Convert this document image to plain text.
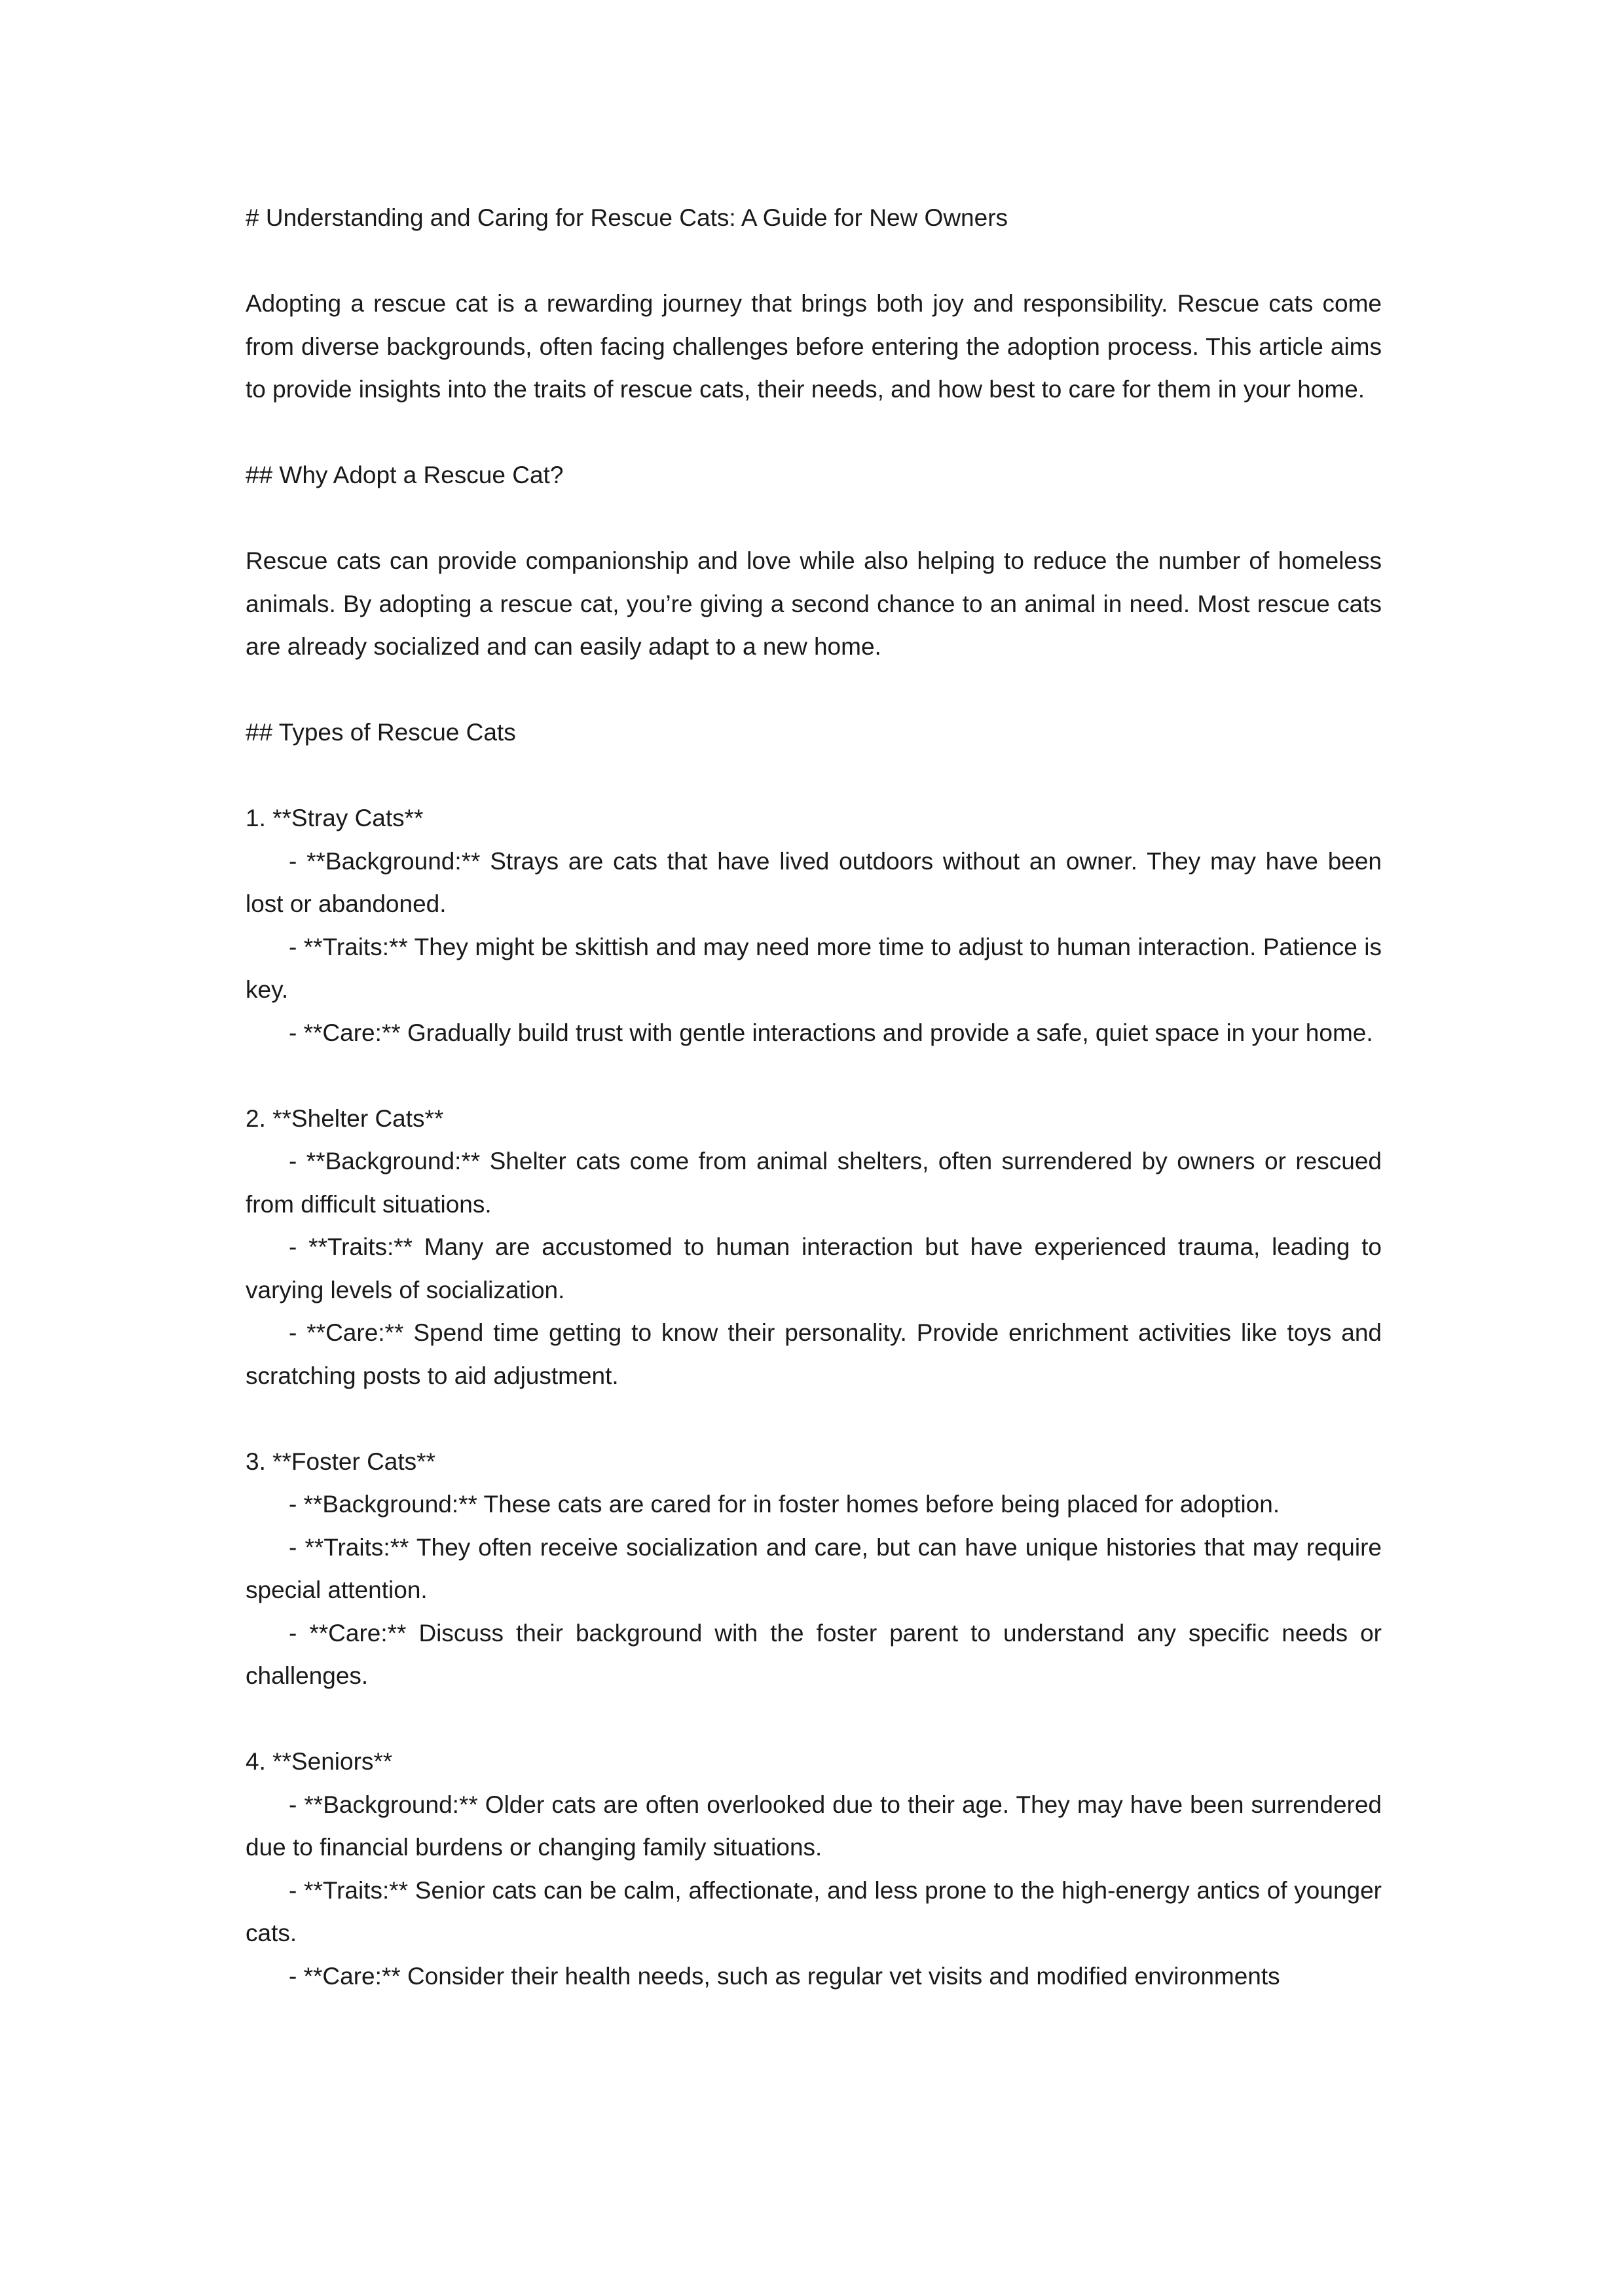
# Understanding and Caring for Rescue Cats: A Guide for New Owners

Adopting a rescue cat is a rewarding journey that brings both joy and responsibility. Rescue cats come from diverse backgrounds, often facing challenges before entering the adoption process. This article aims to provide insights into the traits of rescue cats, their needs, and how best to care for them in your home.

## Why Adopt a Rescue Cat?

Rescue cats can provide companionship and love while also helping to reduce the number of homeless animals. By adopting a rescue cat, you’re giving a second chance to an animal in need. Most rescue cats are already socialized and can easily adapt to a new home.

## Types of Rescue Cats

1. **Stray Cats**

- **Background:** Strays are cats that have lived outdoors without an owner. They may have been lost or abandoned.

- **Traits:** They might be skittish and may need more time to adjust to human interaction. Patience is key.

- **Care:** Gradually build trust with gentle interactions and provide a safe, quiet space in your home.

2. **Shelter Cats**

- **Background:** Shelter cats come from animal shelters, often surrendered by owners or rescued from difficult situations.

- **Traits:** Many are accustomed to human interaction but have experienced trauma, leading to varying levels of socialization.

- **Care:** Spend time getting to know their personality. Provide enrichment activities like toys and scratching posts to aid adjustment.

3. **Foster Cats**

- **Background:** These cats are cared for in foster homes before being placed for adoption.

- **Traits:** They often receive socialization and care, but can have unique histories that may require special attention.

- **Care:** Discuss their background with the foster parent to understand any specific needs or challenges.

4. **Seniors**

- **Background:** Older cats are often overlooked due to their age. They may have been surrendered due to financial burdens or changing family situations.

- **Traits:** Senior cats can be calm, affectionate, and less prone to the high-energy antics of younger cats.

- **Care:** Consider their health needs, such as regular vet visits and modified environments
